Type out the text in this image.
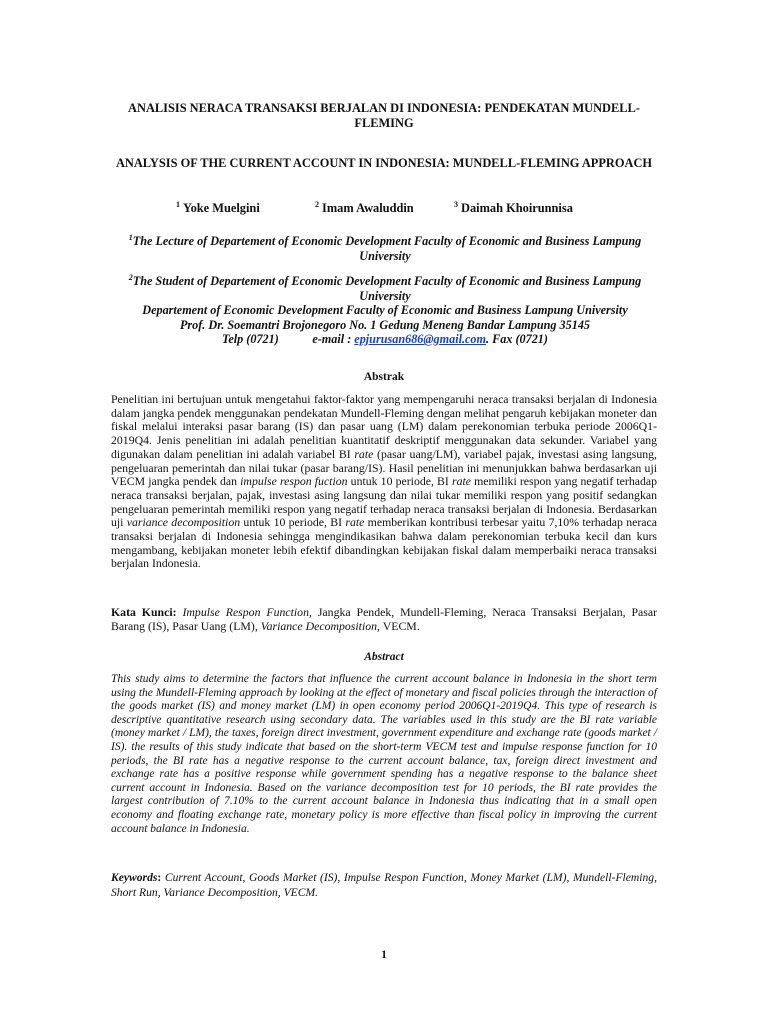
ANALISIS NERACA TRANSAKSI BERJALAN DI INDONESIA: PENDEKATAN MUNDELL-FLEMING
ANALYSIS OF THE CURRENT ACCOUNT IN INDONESIA: MUNDELL-FLEMING APPROACH
$^1$ Yoke Muelgini	$^2$ Imam Awaluddin	$^3$ Daimah Khoirunnisa
$^1$The Lecture of Departement of Economic Development Faculty of Economic and Business Lampung University
$^2$The Student of Departement of Economic Development Faculty of Economic and Business Lampung University
Departement of Economic Development Faculty of Economic and Business Lampung University
Prof. Dr. Soemantri Brojonegoro No. 1 Gedung Meneng Bandar Lampung 35145
Telp (0721)	e-mail : epjurusan686@gmail.com. Fax (0721)
Abstrak
Penelitian ini bertujuan untuk mengetahui faktor-faktor yang mempengaruhi neraca transaksi berjalan di Indonesia dalam jangka pendek menggunakan pendekatan Mundell-Fleming dengan melihat pengaruh kebijakan moneter dan fiskal melalui interaksi pasar barang (IS) dan pasar uang (LM) dalam perekonomian terbuka periode 2006Q1-2019Q4. Jenis penelitian ini adalah penelitian kuantitatif deskriptif menggunakan data sekunder. Variabel yang digunakan dalam penelitian ini adalah variabel BI rate (pasar uang/LM), variabel pajak, investasi asing langsung, pengeluaran pemerintah dan nilai tukar (pasar barang/IS). Hasil penelitian ini menunjukkan bahwa berdasarkan uji VECM jangka pendek dan impulse respon fuction untuk 10 periode, BI rate memiliki respon yang negatif terhadap neraca transaksi berjalan, pajak, investasi asing langsung dan nilai tukar memiliki respon yang positif sedangkan pengeluaran pemerintah memiliki respon yang negatif terhadap neraca transaksi berjalan di Indonesia. Berdasarkan uji variance decomposition untuk 10 periode, BI rate memberikan kontribusi terbesar yaitu 7,10% terhadap neraca transaksi berjalan di Indonesia sehingga mengindikasikan bahwa dalam perekonomian terbuka kecil dan kurs mengambang, kebijakan moneter lebih efektif dibandingkan kebijakan fiskal dalam memperbaiki neraca transaksi berjalan Indonesia.
Kata Kunci: Impulse Respon Function, Jangka Pendek, Mundell-Fleming, Neraca Transaksi Berjalan, Pasar Barang (IS), Pasar Uang (LM), Variance Decomposition, VECM.
Abstract
This study aims to determine the factors that influence the current account balance in Indonesia in the short term using the Mundell-Fleming approach by looking at the effect of monetary and fiscal policies through the interaction of the goods market (IS) and money market (LM) in open economy period 2006Q1-2019Q4. This type of research is descriptive quantitative research using secondary data. The variables used in this study are the BI rate variable (money market / LM), the taxes, foreign direct investment, government expenditure and exchange rate (goods market / IS). the results of this study indicate that based on the short-term VECM test and impulse response function for 10 periods, the BI rate has a negative response to the current account balance, tax, foreign direct investment and exchange rate has a positive response while government spending has a negative response to the balance sheet current account in Indonesia. Based on the variance decomposition test for 10 periods, the BI rate provides the largest contribution of 7.10% to the current account balance in Indonesia thus indicating that in a small open economy and floating exchange rate, monetary policy is more effective than fiscal policy in improving the current account balance in Indonesia.
Keywords: Current Account, Goods Market (IS), Impulse Respon Function, Money Market (LM), Mundell-Fleming, Short Run, Variance Decomposition, VECM.
1
